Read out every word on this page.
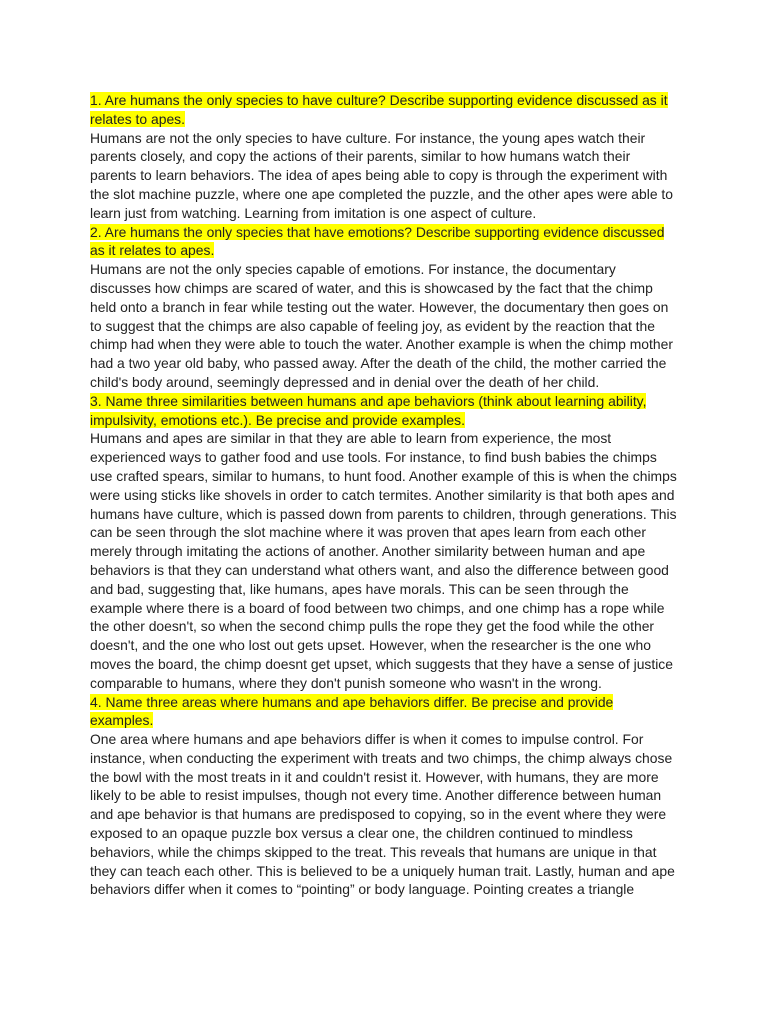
1. Are humans the only species to have culture? Describe supporting evidence discussed as it relates to apes.

Humans are not the only species to have culture. For instance, the young apes watch their parents closely, and copy the actions of their parents, similar to how humans watch their parents to learn behaviors. The idea of apes being able to copy is through the experiment with the slot machine puzzle, where one ape completed the puzzle, and the other apes were able to learn just from watching. Learning from imitation is one aspect of culture.

2. Are humans the only species that have emotions? Describe supporting evidence discussed as it relates to apes.

Humans are not the only species capable of emotions. For instance, the documentary discusses how chimps are scared of water, and this is showcased by the fact that the chimp held onto a branch in fear while testing out the water. However, the documentary then goes on to suggest that the chimps are also capable of feeling joy, as evident by the reaction that the chimp had when they were able to touch the water. Another example is when the chimp mother had a two year old baby, who passed away. After the death of the child, the mother carried the child's body around, seemingly depressed and in denial over the death of her child.

3. Name three similarities between humans and ape behaviors (think about learning ability, impulsivity, emotions etc.). Be precise and provide examples.

Humans and apes are similar in that they are able to learn from experience, the most experienced ways to gather food and use tools. For instance, to find bush babies the chimps use crafted spears, similar to humans, to hunt food. Another example of this is when the chimps were using sticks like shovels in order to catch termites. Another similarity is that both apes and humans have culture, which is passed down from parents to children, through generations. This can be seen through the slot machine where it was proven that apes learn from each other merely through imitating the actions of another. Another similarity between human and ape behaviors is that they can understand what others want, and also the difference between good and bad, suggesting that, like humans, apes have morals. This can be seen through the example where there is a board of food between two chimps, and one chimp has a rope while the other doesn't, so when the second chimp pulls the rope they get the food while the other doesn't, and the one who lost out gets upset. However, when the researcher is the one who moves the board, the chimp doesnt get upset, which suggests that they have a sense of justice comparable to humans, where they don't punish someone who wasn't in the wrong.

4. Name three areas where humans and ape behaviors differ. Be precise and provide examples.

One area where humans and ape behaviors differ is when it comes to impulse control. For instance, when conducting the experiment with treats and two chimps, the chimp always chose the bowl with the most treats in it and couldn't resist it. However, with humans, they are more likely to be able to resist impulses, though not every time. Another difference between human and ape behavior is that humans are predisposed to copying, so in the event where they were exposed to an opaque puzzle box versus a clear one, the children continued to mindless behaviors, while the chimps skipped to the treat. This reveals that humans are unique in that they can teach each other. This is believed to be a uniquely human trait. Lastly, human and ape behaviors differ when it comes to “pointing” or body language. Pointing creates a triangle
